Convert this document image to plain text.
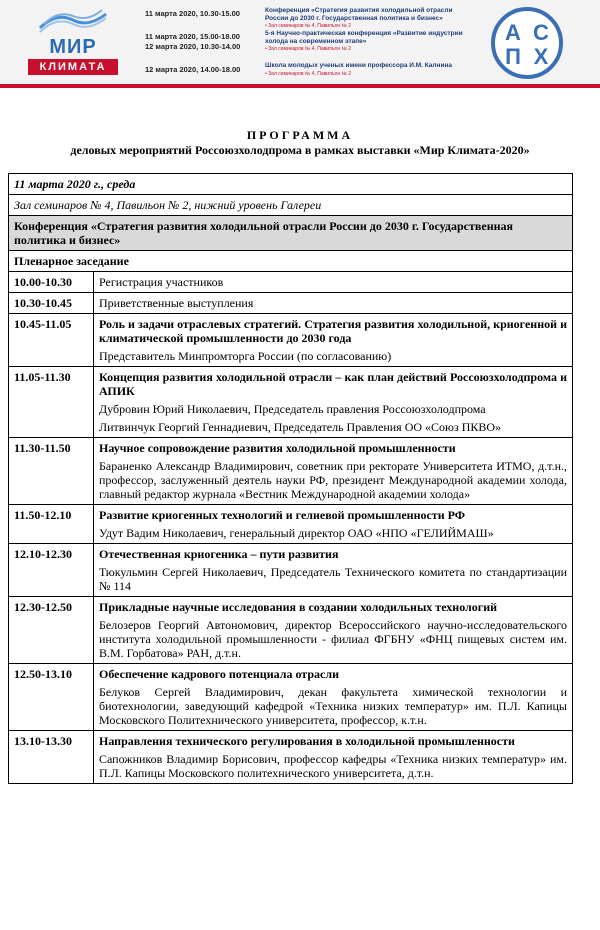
МИР
КЛИМАТА
11 марта 2020, 10.30-15.00	Конференция «Стратегия развития холодильной отрасли России до 2030 г. Государственная политика и бизнес»
• Зал семинаров № 4, Павильон № 2
11 марта 2020, 15.00-18.00
12 марта 2020, 10.30-14.00
5-я Научно-практическая конференция «Развитие индустрии холода на современном этапе»
• Зал семинаров № 4, Павильон № 2
12 марта 2020, 14.00-18.00	Школа молодых ученых имени профессора И.М. Калнина
• Зал семинаров № 4, Павильон № 2
А С
П Х
ПРОГРАММА
деловых мероприятий Россоюзхолодпрома в рамках выставки «Мир Климата-2020»
11 марта 2020 г., среда	
Зал семинаров № 4, Павильон № 2, нижний уровень Галереи	
Конференция «Стратегия развития холодильной отрасли России до 2030 г. Государственная политика и бизнес»	
Пленарное заседание	
10.00-10.30	Регистрация участников
10.30-10.45	Приветственные выступления
10.45-11.05	Роль и задачи отраслевых стратегий. Стратегия развития холодильной, криогенной и климатической промышленности до 2030 года
Представитель Минпромторга России (по согласованию)

11.05-11.30	Концепция развития холодильной отрасли – как план действий Россоюзхолодпрома и АПИК
Дубровин Юрий Николаевич, Председатель правления Россоюзхолодпрома
Литвинчук Георгий Геннадиевич, Председатель Правления ОО «Союз ПКВО»

11.30-11.50	Научное сопровождение развития холодильной промышленности
Бараненко Александр Владимирович, советник при ректорате Университета ИТМО, д.т.н., профессор, заслуженный деятель науки РФ, президент Международной академии холода, главный редактор журнала «Вестник Международной академии холода»

11.50-12.10	Развитие криогенных технологий и гелиевой промышленности РФ
Удут Вадим Николаевич, генеральный директор ОАО «НПО «ГЕЛИЙМАШ»

12.10-12.30	Отечественная криогеника – пути развития
Тюкульмин Сергей Николаевич, Председатель Технического комитета по стандартизации № 114

12.30-12.50	Прикладные научные исследования в создании холодильных технологий
Белозеров Георгий Автономович, директор Всероссийского научно-исследовательского института холодильной промышленности - филиал ФГБНУ «ФНЦ пищевых систем им. В.М. Горбатова» РАН, д.т.н.

12.50-13.10	Обеспечение кадрового потенциала отрасли
Белуков Сергей Владимирович, декан факультета химической технологии и биотехнологии, заведующий кафедрой «Техника низких температур» им. П.Л. Капицы Московского Политехнического университета, профессор, к.т.н.

13.10-13.30	Направления технического регулирования в холодильной промышленности
Сапожников Владимир Борисович, профессор кафедры «Техника низких температур» им. П.Л. Капицы Московского политехнического университета, д.т.н.
